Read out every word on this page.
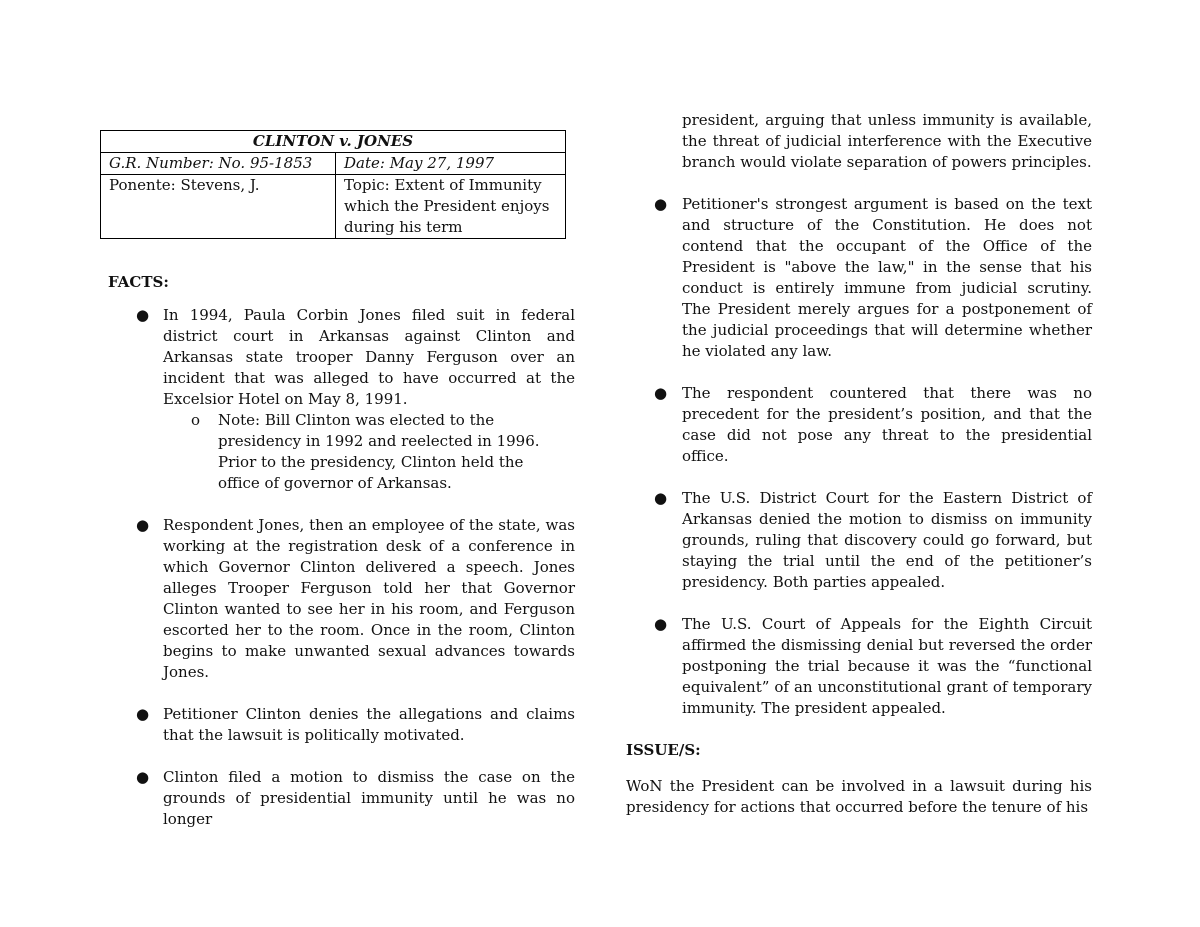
CLINTON v. JONES	
G.R. Number: No. 95-1853	Date: May 27, 1997
Ponente: Stevens, J.	Topic: Extent of Immunity which the President enjoys during his term
FACTS:
● In 1994, Paula Corbin Jones filed suit in federal district court in Arkansas against Clinton and Arkansas state trooper Danny Ferguson over an incident that was alleged to have occurred at the Excelsior Hotel on May 8, 1991.
o Note: Bill Clinton was elected to the presidency in 1992 and reelected in 1996. Prior to the presidency, Clinton held the office of governor of Arkansas.
● Respondent Jones, then an employee of the state, was working at the registration desk of a conference in which Governor Clinton delivered a speech. Jones alleges Trooper Ferguson told her that Governor Clinton wanted to see her in his room, and Ferguson escorted her to the room. Once in the room, Clinton begins to make unwanted sexual advances towards Jones.
● Petitioner Clinton denies the allegations and claims that the lawsuit is politically motivated.
● Clinton filed a motion to dismiss the case on the grounds of presidential immunity until he was no longer

president, arguing that unless immunity is available, the threat of judicial interference with the Executive branch would violate separation of powers principles.

● Petitioner's strongest argument is based on the text and structure of the Constitution. He does not contend that the occupant of the Office of the President is "above the law," in the sense that his conduct is entirely immune from judicial scrutiny. The President merely argues for a postponement of the judicial proceedings that will determine whether he violated any law.
● The respondent countered that there was no precedent for the president’s position, and that the case did not pose any threat to the presidential office.
● The U.S. District Court for the Eastern District of Arkansas denied the motion to dismiss on immunity grounds, ruling that discovery could go forward, but staying the trial until the end of the petitioner’s presidency. Both parties appealed.
● The U.S. Court of Appeals for the Eighth Circuit affirmed the dismissing denial but reversed the order postponing the trial because it was the “functional equivalent” of an unconstitutional grant of temporary immunity. The president appealed.
ISSUE/S:

WoN the President can be involved in a lawsuit during his presidency for actions that occurred before the tenure of his
